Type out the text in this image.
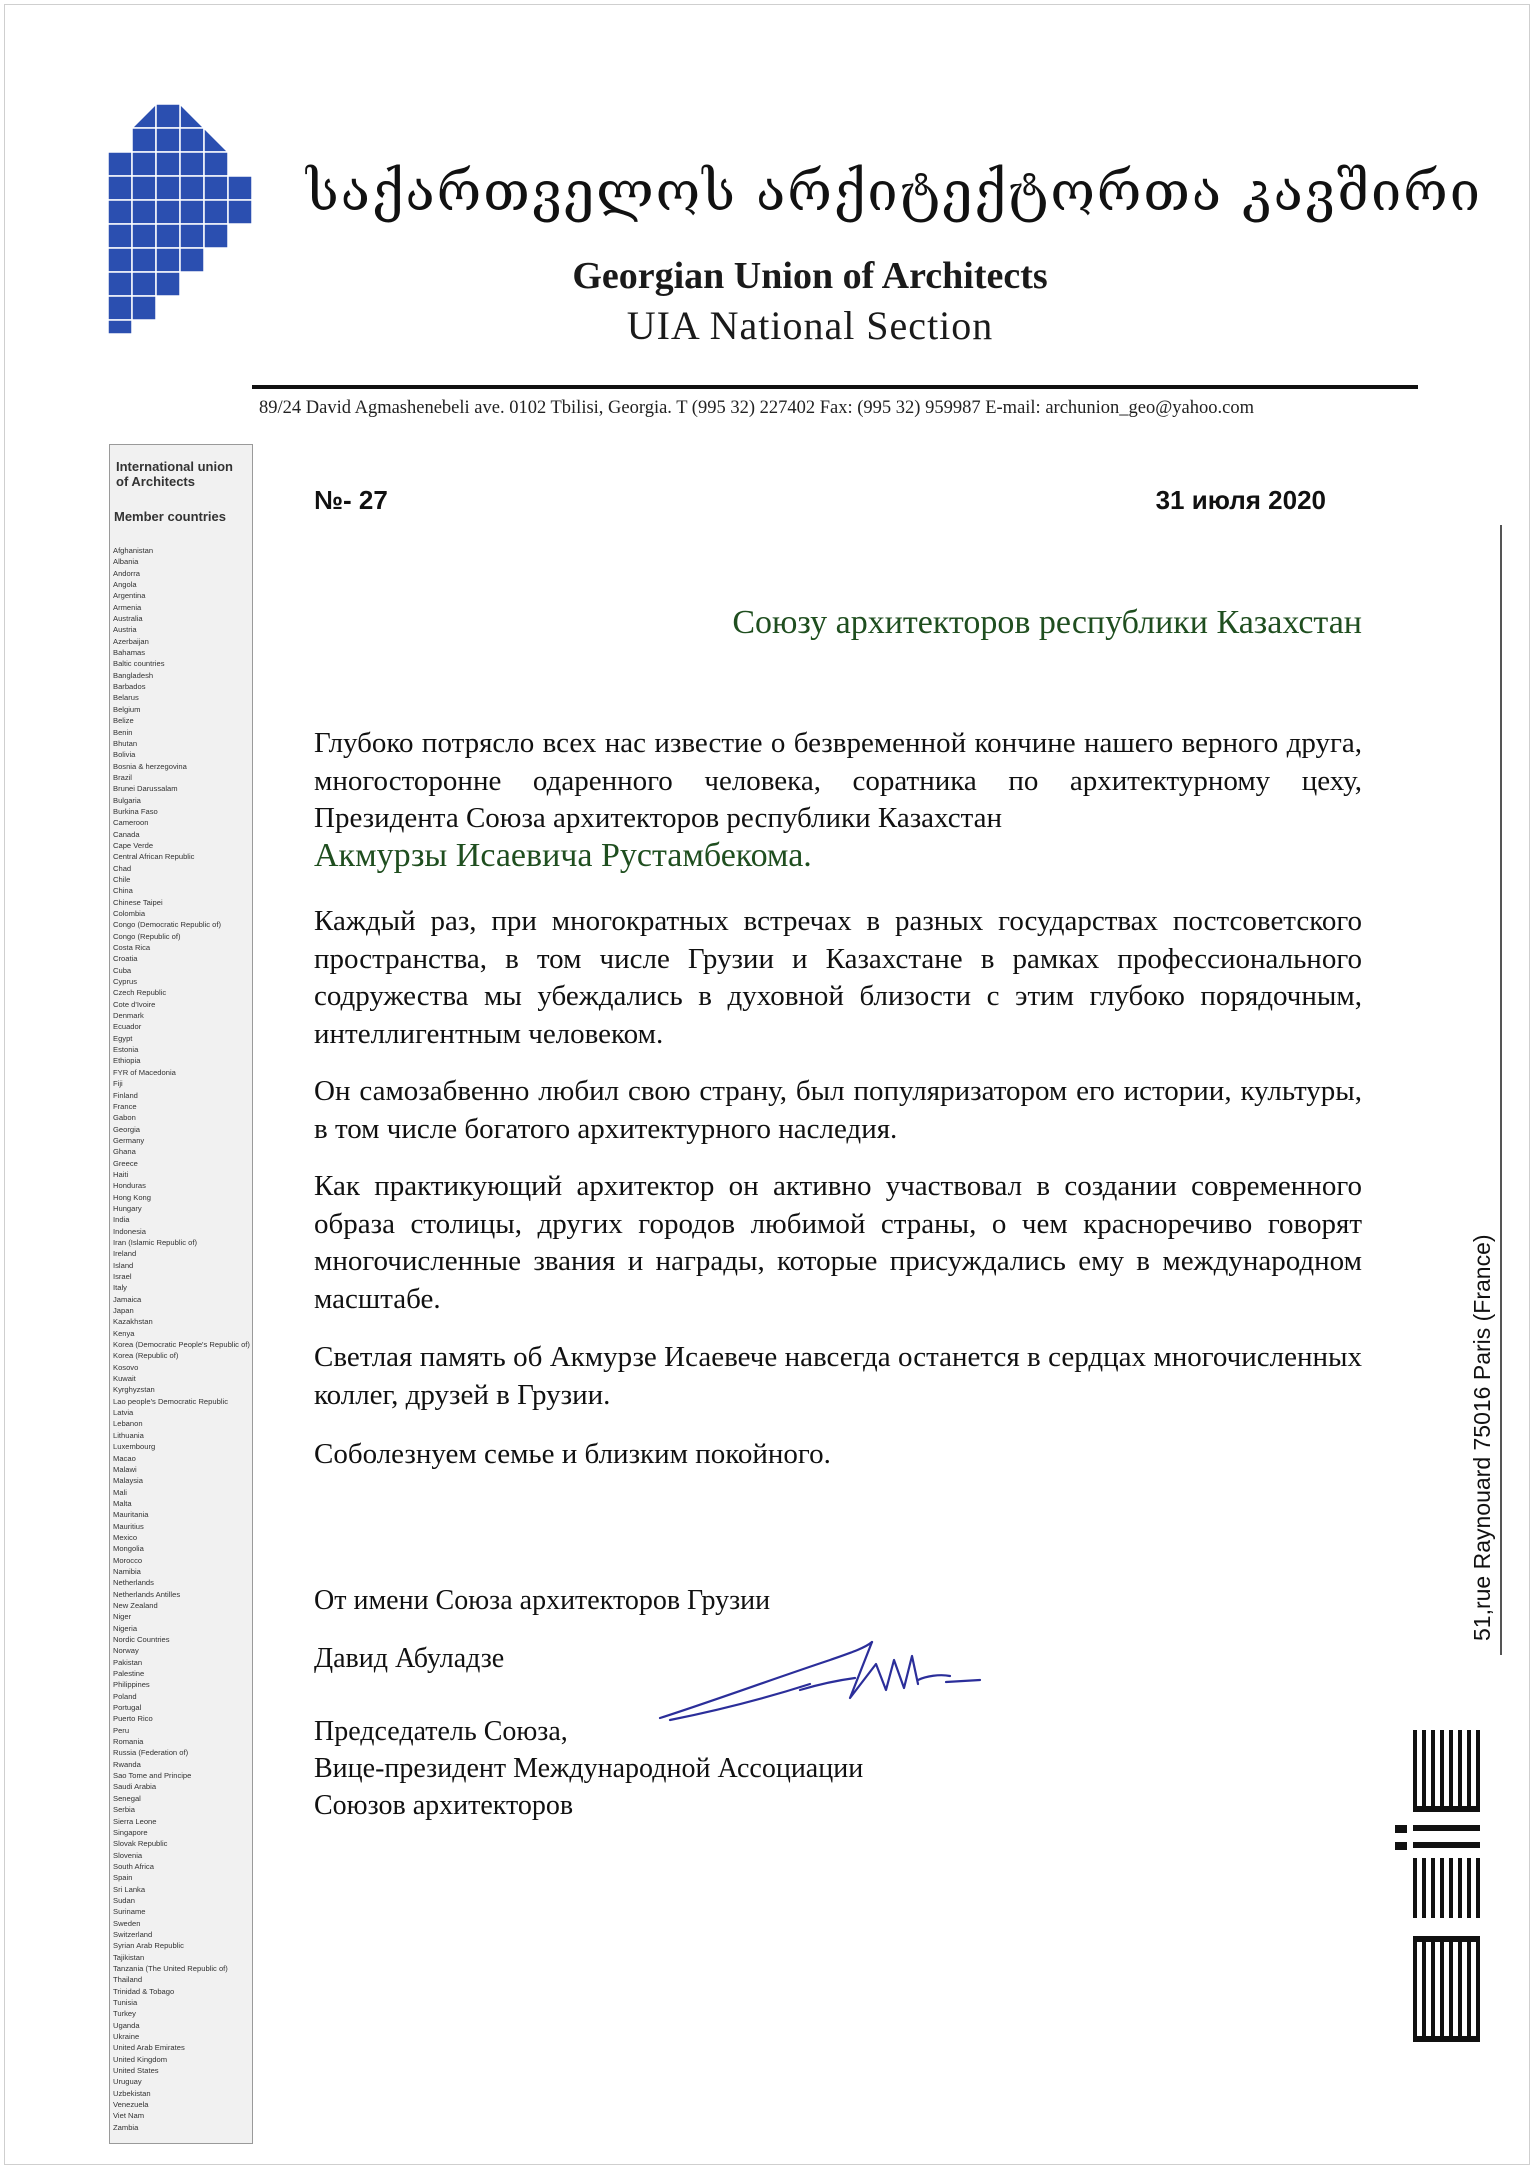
საქართველოს არქიტექტორთა კავშირი
Georgian Union of Architects
UIA National Section
89/24 David Agmashenebeli ave. 0102 Tbilisi, Georgia. T (995 32) 227402 Fax: (995 32) 959987 E-mail: archunion_geo@yahoo.com
International union of Architects
Member countries
Afghanistan
Albania
Andorra
Angola
Argentina
Armenia
Australia
Austria
Azerbaijan
Bahamas
Baltic countries
Bangladesh
Barbados
Belarus
Belgium
Belize
Benin
Bhutan
Bolivia
Bosnia & herzegovina
Brazil
Brunei Darussalam
Bulgaria
Burkina Faso
Cameroon
Canada
Cape Verde
Central African Republic
Chad
Chile
China
Chinese Taipei
Colombia
Congo (Democratic Republic of)
Congo (Republic of)
Costa Rica
Croatia
Cuba
Cyprus
Czech Republic
Cote d'Ivoire
Denmark
Ecuador
Egypt
Estonia
Ethiopia
FYR of Macedonia
Fiji
Finland
France
Gabon
Georgia
Germany
Ghana
Greece
Haiti
Honduras
Hong Kong
Hungary
India
Indonesia
Iran (Islamic Republic of)
Ireland
Island
Israel
Italy
Jamaica
Japan
Kazakhstan
Kenya
Korea (Democratic People's Republic of)
Korea (Republic of)
Kosovo
Kuwait
Kyrghyzstan
Lao people's Democratic Republic
Latvia
Lebanon
Lithuania
Luxembourg
Macao
Malawi
Malaysia
Mali
Malta
Mauritania
Mauritius
Mexico
Mongolia
Morocco
Namibia
Netherlands
Netherlands Antilles
New Zealand
Niger
Nigeria
Nordic Countries
Norway
Pakistan
Palestine
Philippines
Poland
Portugal
Puerto Rico
Peru
Romania
Russia (Federation of)
Rwanda
Sao Tome and Principe
Saudi Arabia
Senegal
Serbia
Sierra Leone
Singapore
Slovak Republic
Slovenia
South Africa
Spain
Sri Lanka
Sudan
Suriname
Sweden
Switzerland
Syrian Arab Republic
Tajikistan
Tanzania (The United Republic of)
Thailand
Trinidad & Tobago
Tunisia
Turkey
Uganda
Ukraine
United Arab Emirates
United Kingdom
United States
Uruguay
Uzbekistan
Venezuela
Viet Nam
Zambia
№- 27	31 июля 2020
Союзу архитекторов республики Казахстан
Глубоко потрясло всех нас известие о безвременной кончине нашего верного друга, многосторонне одаренного человека, соратника по архитектурному цеху, Президента Союза архитекторов республики Казахстан
Акмурзы Исаевича Рустамбекома.
Каждый раз, при многократных встречах в разных государствах постсоветского пространства, в том числе Грузии и Казахстане в рамках профессионального содружества мы убеждались в духовной близости с этим глубоко порядочным, интеллигентным человеком.
Он самозабвенно любил свою страну, был популяризатором его истории, культуры, в том числе богатого архитектурного наследия.
Как практикующий архитектор он активно участвовал в создании современного образа столицы, других городов любимой страны, о чем красноречиво говорят многочисленные звания и награды, которые присуждались ему в международном масштабе.
Светлая память об Акмурзе Исаевече навсегда останется в сердцах многочисленных коллег, друзей в Грузии.
Соболезнуем семье и близким покойного.
От имени Союза архитекторов Грузии
Давид Абуладзе
Председатель Союза,
Вице-президент Международной Ассоциации
Союзов архитекторов
51,rue Raynouard 75016 Paris (France)
